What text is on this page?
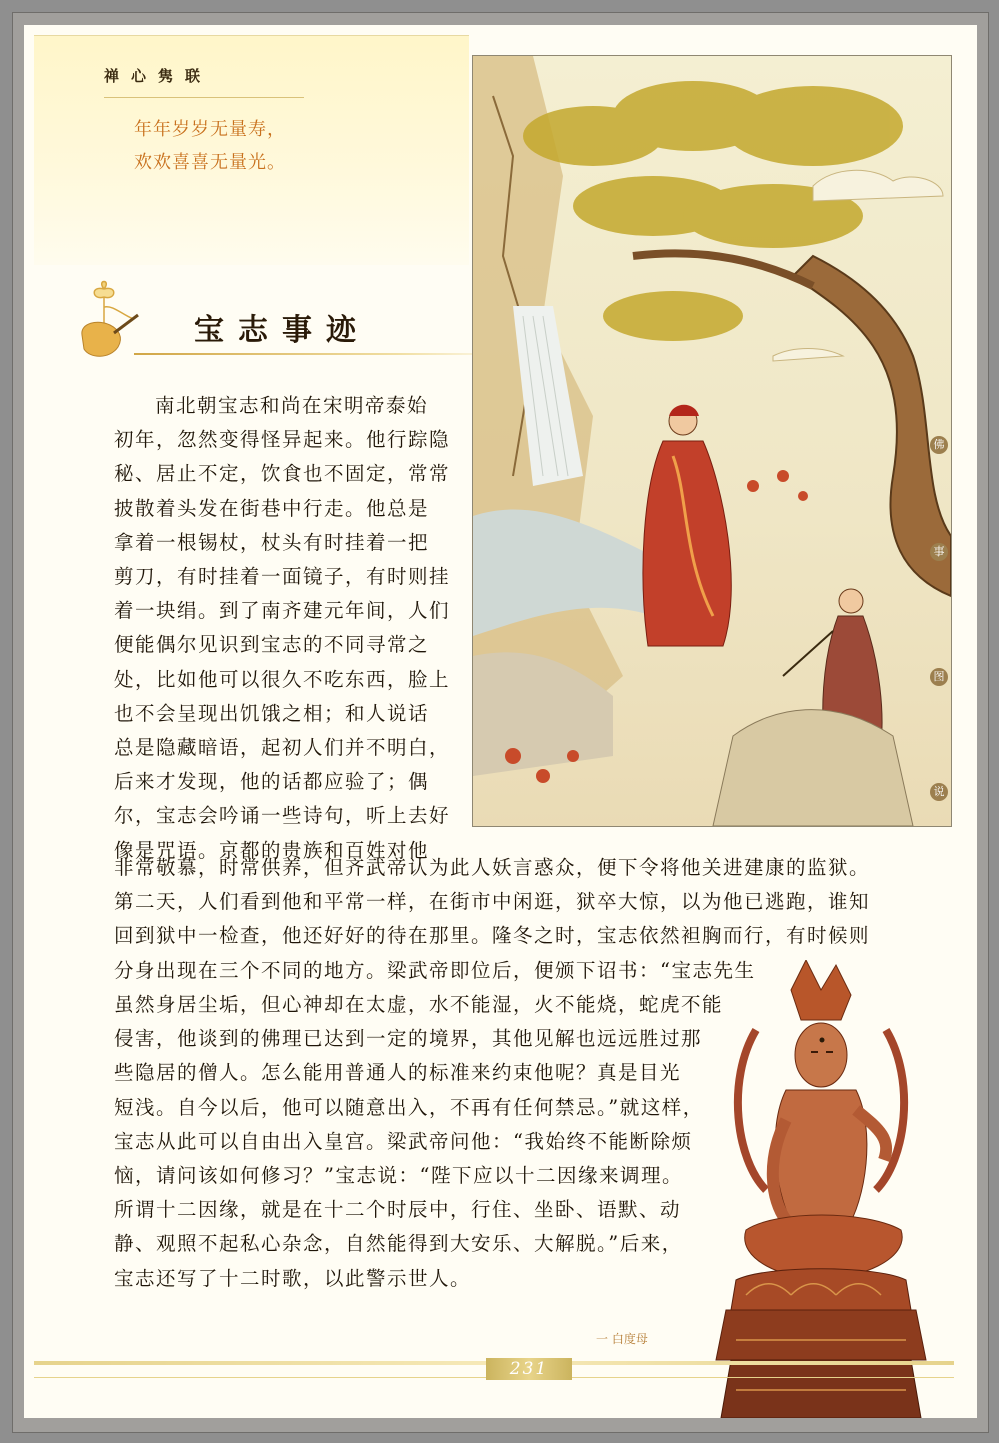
禅心隽联
年年岁岁无量寿，
欢欢喜喜无量光。
宝志事迹
佛
事
图
说
南北朝宝志和尚在宋明帝泰始
初年，忽然变得怪异起来。他行踪隐
秘、居止不定，饮食也不固定，常常
披散着头发在街巷中行走。他总是
拿着一根锡杖，杖头有时挂着一把
剪刀，有时挂着一面镜子，有时则挂
着一块绢。到了南齐建元年间，人们
便能偶尔见识到宝志的不同寻常之
处，比如他可以很久不吃东西，脸上
也不会呈现出饥饿之相；和人说话
总是隐藏暗语，起初人们并不明白，
后来才发现，他的话都应验了；偶
尔，宝志会吟诵一些诗句，听上去好
像是咒语。京都的贵族和百姓对他
非常敬慕，时常供养，但齐武帝认为此人妖言惑众，便下令将他关进建康的监狱。
第二天，人们看到他和平常一样，在街市中闲逛，狱卒大惊，以为他已逃跑，谁知
回到狱中一检查，他还好好的待在那里。隆冬之时，宝志依然袒胸而行，有时候则
分身出现在三个不同的地方。梁武帝即位后，便颁下诏书：“宝志先生
虽然身居尘垢，但心神却在太虚，水不能湿，火不能烧，蛇虎不能
侵害，他谈到的佛理已达到一定的境界，其他见解也远远胜过那
些隐居的僧人。怎么能用普通人的标准来约束他呢？真是目光
短浅。自今以后，他可以随意出入，不再有任何禁忌。”就这样，
宝志从此可以自由出入皇宫。梁武帝问他：“我始终不能断除烦
恼，请问该如何修习？”宝志说：“陛下应以十二因缘来调理。
所谓十二因缘，就是在十二个时辰中，行住、坐卧、语默、动
静、观照不起私心杂念，自然能得到大安乐、大解脱。”后来，
宝志还写了十二时歌，以此警示世人。
一 白度母
231
